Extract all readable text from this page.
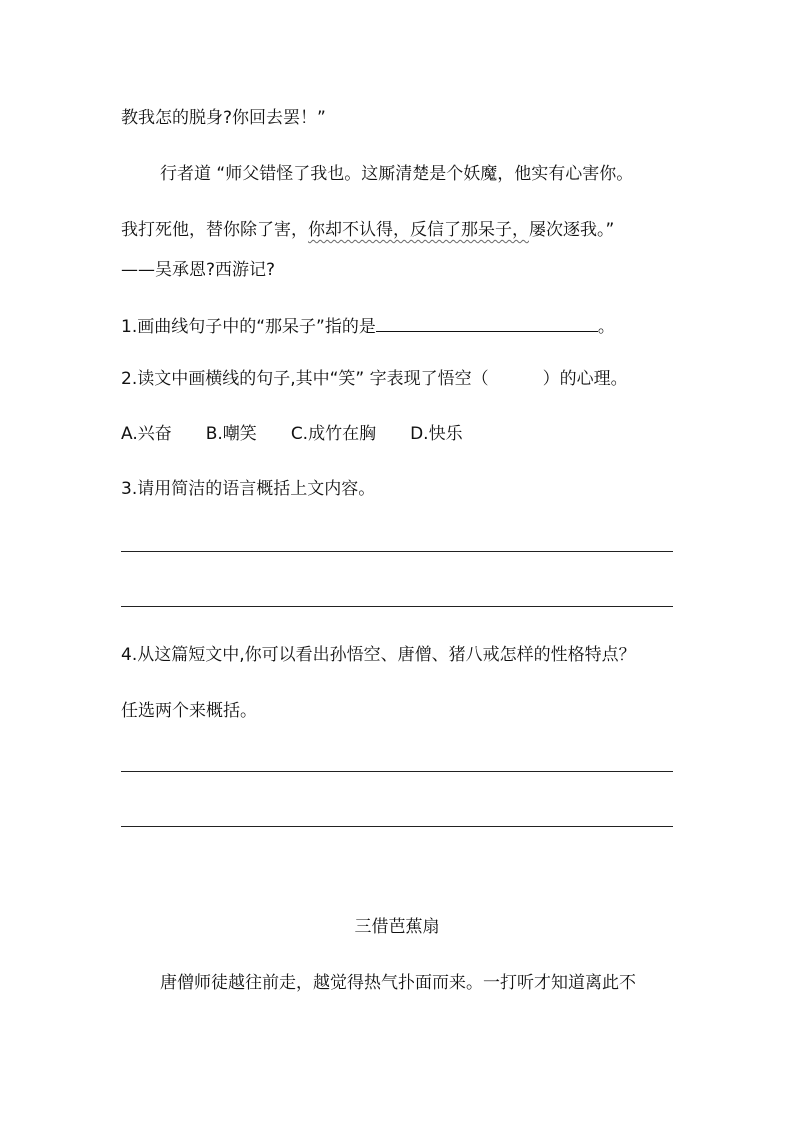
教我怎的脱身?你回去罢！”
行者道 “师父错怪了我也。这厮清楚是个妖魔，他实有心害你。
我打死他，替你除了害，你却不认得，反信了那呆子，屡次逐我。”
——吴承恩?西游记?
1.画曲线句子中的“那呆子”指的是	。
2.读文中画横线的句子,其中“笑” 字表现了悟空（	）的心理。
A.兴奋 B.嘲笑 C.成竹在胸 D.快乐
3.请用简洁的语言概括上文内容。
4.从这篇短文中,你可以看出孙悟空、唐僧、猪八戒怎样的性格特点？
任选两个来概括。
三借芭蕉扇
唐僧师徒越往前走，越觉得热气扑面而来。一打听才知道离此不
